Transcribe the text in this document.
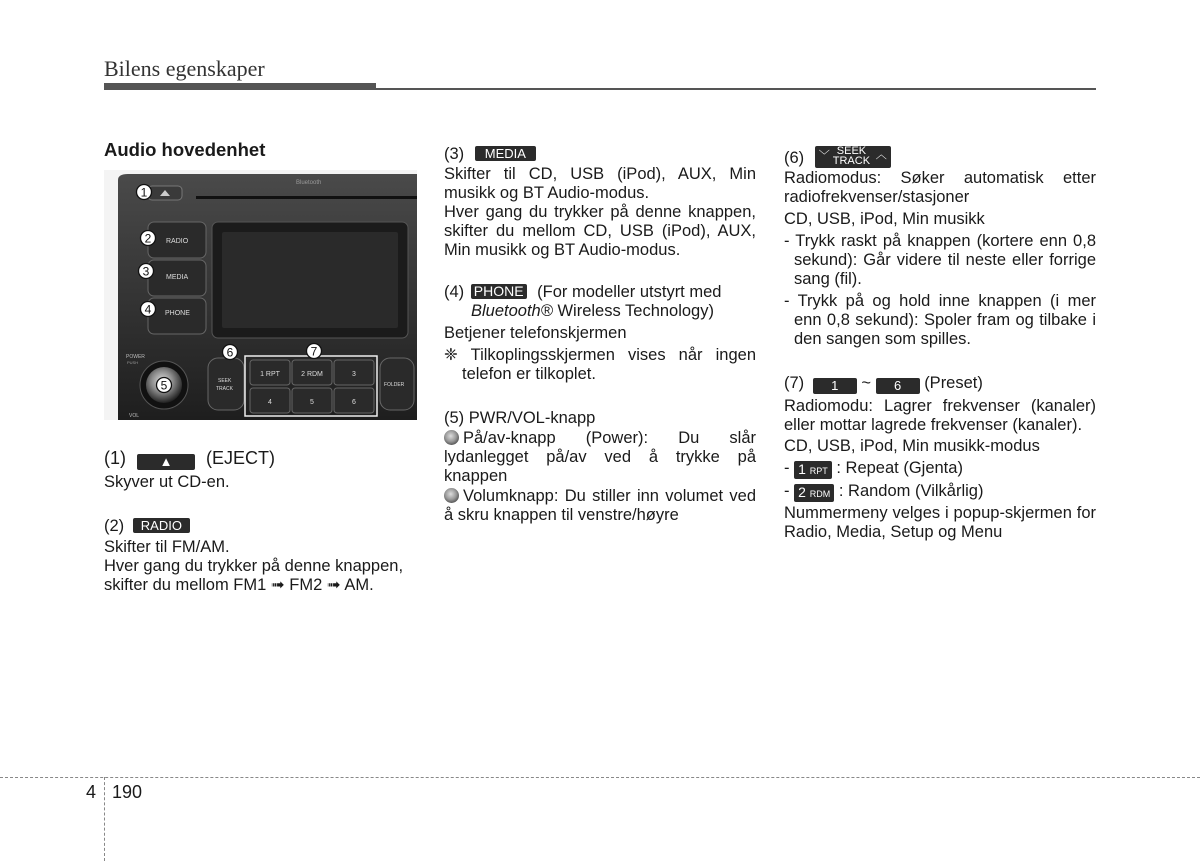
Bilens egenskaper

Audio hovedenhet

Bluetooth
RADIO
MEDIA
PHONE
POWER
PUSH
VOL
SEEK
TRACK
1 RPT	2 RDM	3
4	5	6
FOLDER
1
2
3
4
5
6	7

(1)	▲ (EJECT)

Skyver ut CD-en.

(2) RADIO

Skifter til FM/AM.

Hver gang du trykker på denne knappen,

skifter du mellom FM1 ➟ FM2 ➟ AM.

(3) MEDIA

Skifter til CD, USB (iPod), AUX, Min musikk og BT Audio-modus.

Hver gang du trykker på denne knappen, skifter du mellom CD, USB (iPod), AUX, Min musikk og BT Audio-modus.

(4) PHONE (For modeller utstyrt med
Bluetooth® Wireless Technology)

Betjener telefonskjermen

❈ Tilkoplingsskjermen vises når ingen telefon er tilkoplet.

(5) PWR/VOL-knapp

På/av-knapp (Power): Du slår lydanlegget på/av ved å trykke på knappen

Volumknapp: Du stiller inn volumet ved å skru knappen til venstre/høyre

(6) ﹀ SEEK
TRACK ︿

Radiomodus: Søker automatisk etter radiofrekvenser/stasjoner

CD, USB, iPod, Min musikk

- Trykk raskt på knappen (kortere enn 0,8 sekund): Går videre til neste eller forrige sang (fil).

- Trykk på og hold inne knappen (i mer enn 0,8 sekund): Spoler fram og tilbake i den sangen som spilles.

(7) 1 ~ 6 (Preset)

Radiomodu: Lagrer frekvenser (kanaler) eller mottar lagrede frekvenser (kanaler).

CD, USB, iPod, Min musikk-modus

- 1 RPT : Repeat (Gjenta)

- 2 RDM : Random (Vilkårlig)

Nummermeny velges i popup-skjermen for Radio, Media, Setup og Menu

4 190
